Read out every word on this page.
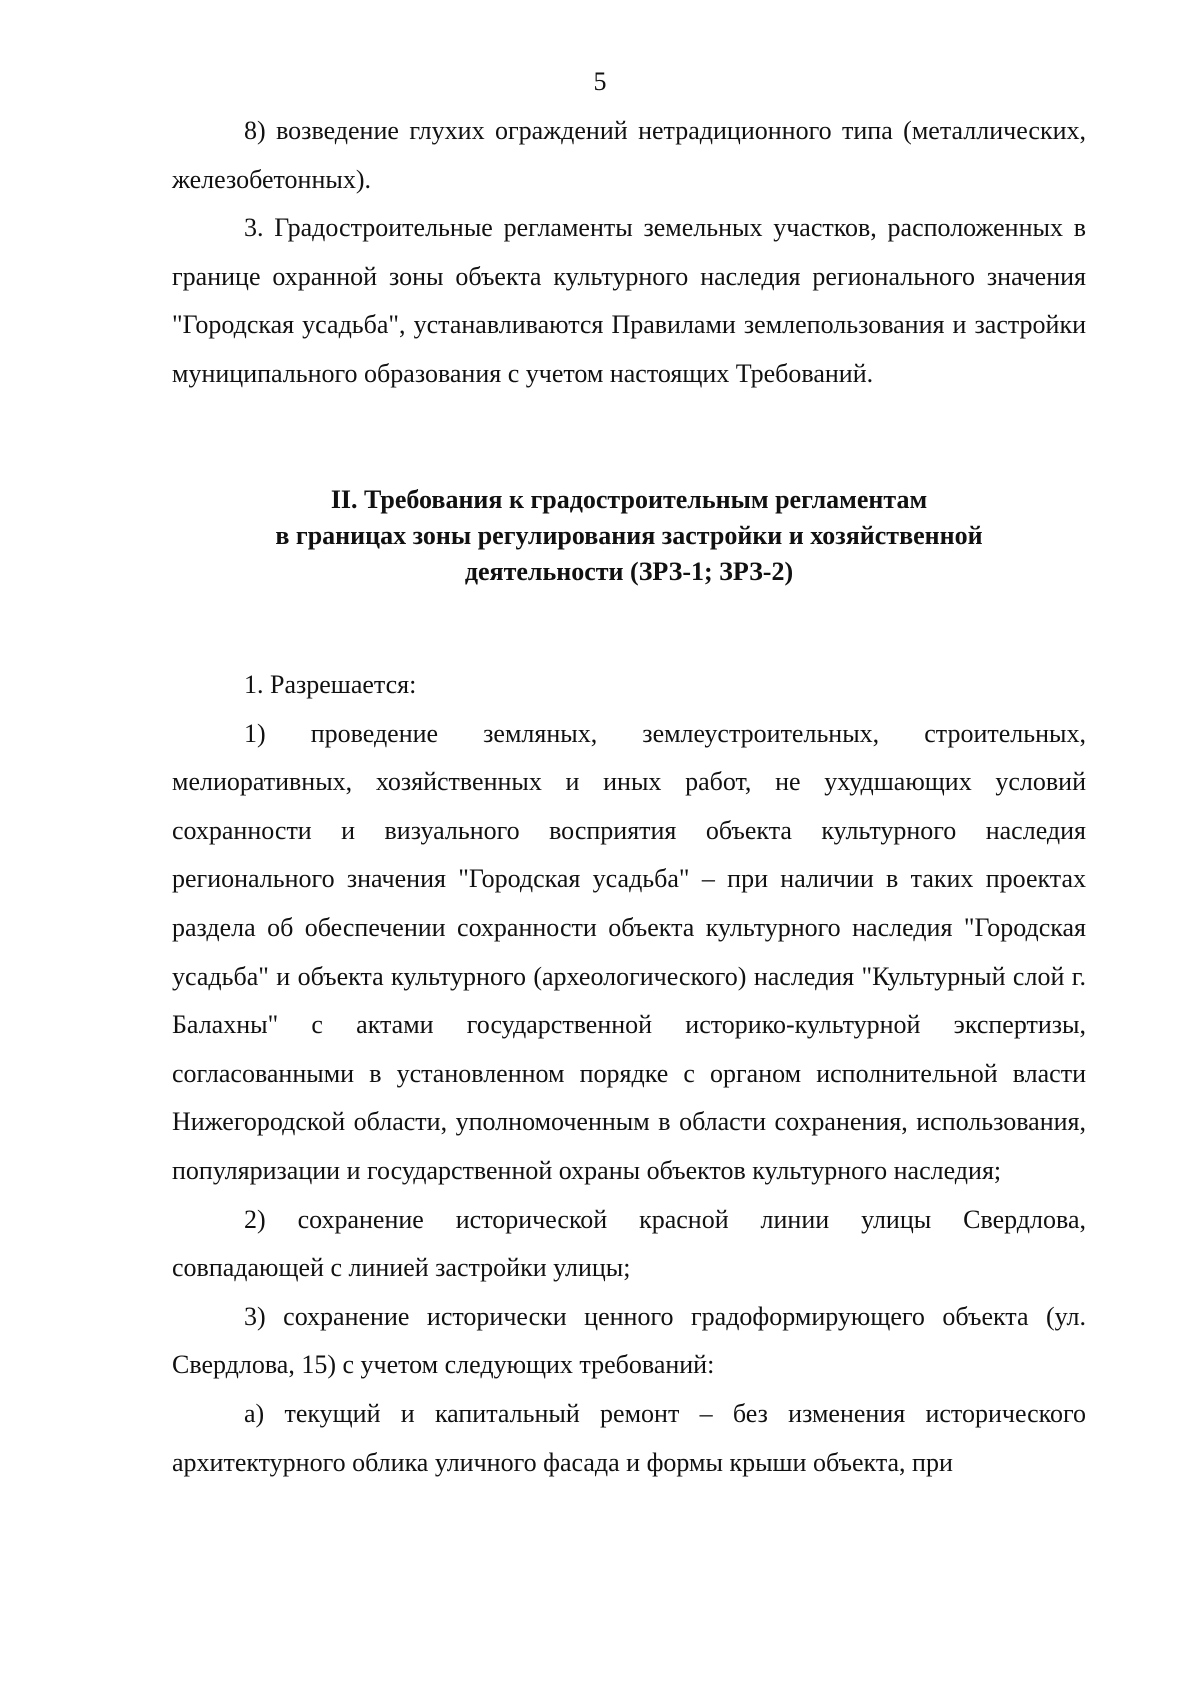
5

8) возведение глухих ограждений нетрадиционного типа (металлических, железобетонных).

3. Градостроительные регламенты земельных участков, расположенных в границе охранной зоны объекта культурного наследия регионального значения "Городская усадьба", устанавливаются Правилами землепользования и застройки муниципального образования с учетом настоящих Требований.

II. Требования к градостроительным регламентам
в границах зоны регулирования застройки и хозяйственной
деятельности (ЗРЗ-1; ЗРЗ-2)

1. Разрешается:

1) проведение земляных, землеустроительных, строительных, мелиоративных, хозяйственных и иных работ, не ухудшающих условий сохранности и визуального восприятия объекта культурного наследия регионального значения "Городская усадьба" – при наличии в таких проектах раздела об обеспечении сохранности объекта культурного наследия "Городская усадьба" и объекта культурного (археологического) наследия "Культурный слой г. Балахны" с актами государственной историко-культурной экспертизы, согласованными в установленном порядке с органом исполнительной власти Нижегородской области, уполномоченным в области сохранения, использования, популяризации и государственной охраны объектов культурного наследия;

2) сохранение исторической красной линии улицы Свердлова, совпадающей с линией застройки улицы;

3) сохранение исторически ценного градоформирующего объекта (ул. Свердлова, 15) с учетом следующих требований:

а) текущий и капитальный ремонт – без изменения исторического архитектурного облика уличного фасада и формы крыши объекта, при
